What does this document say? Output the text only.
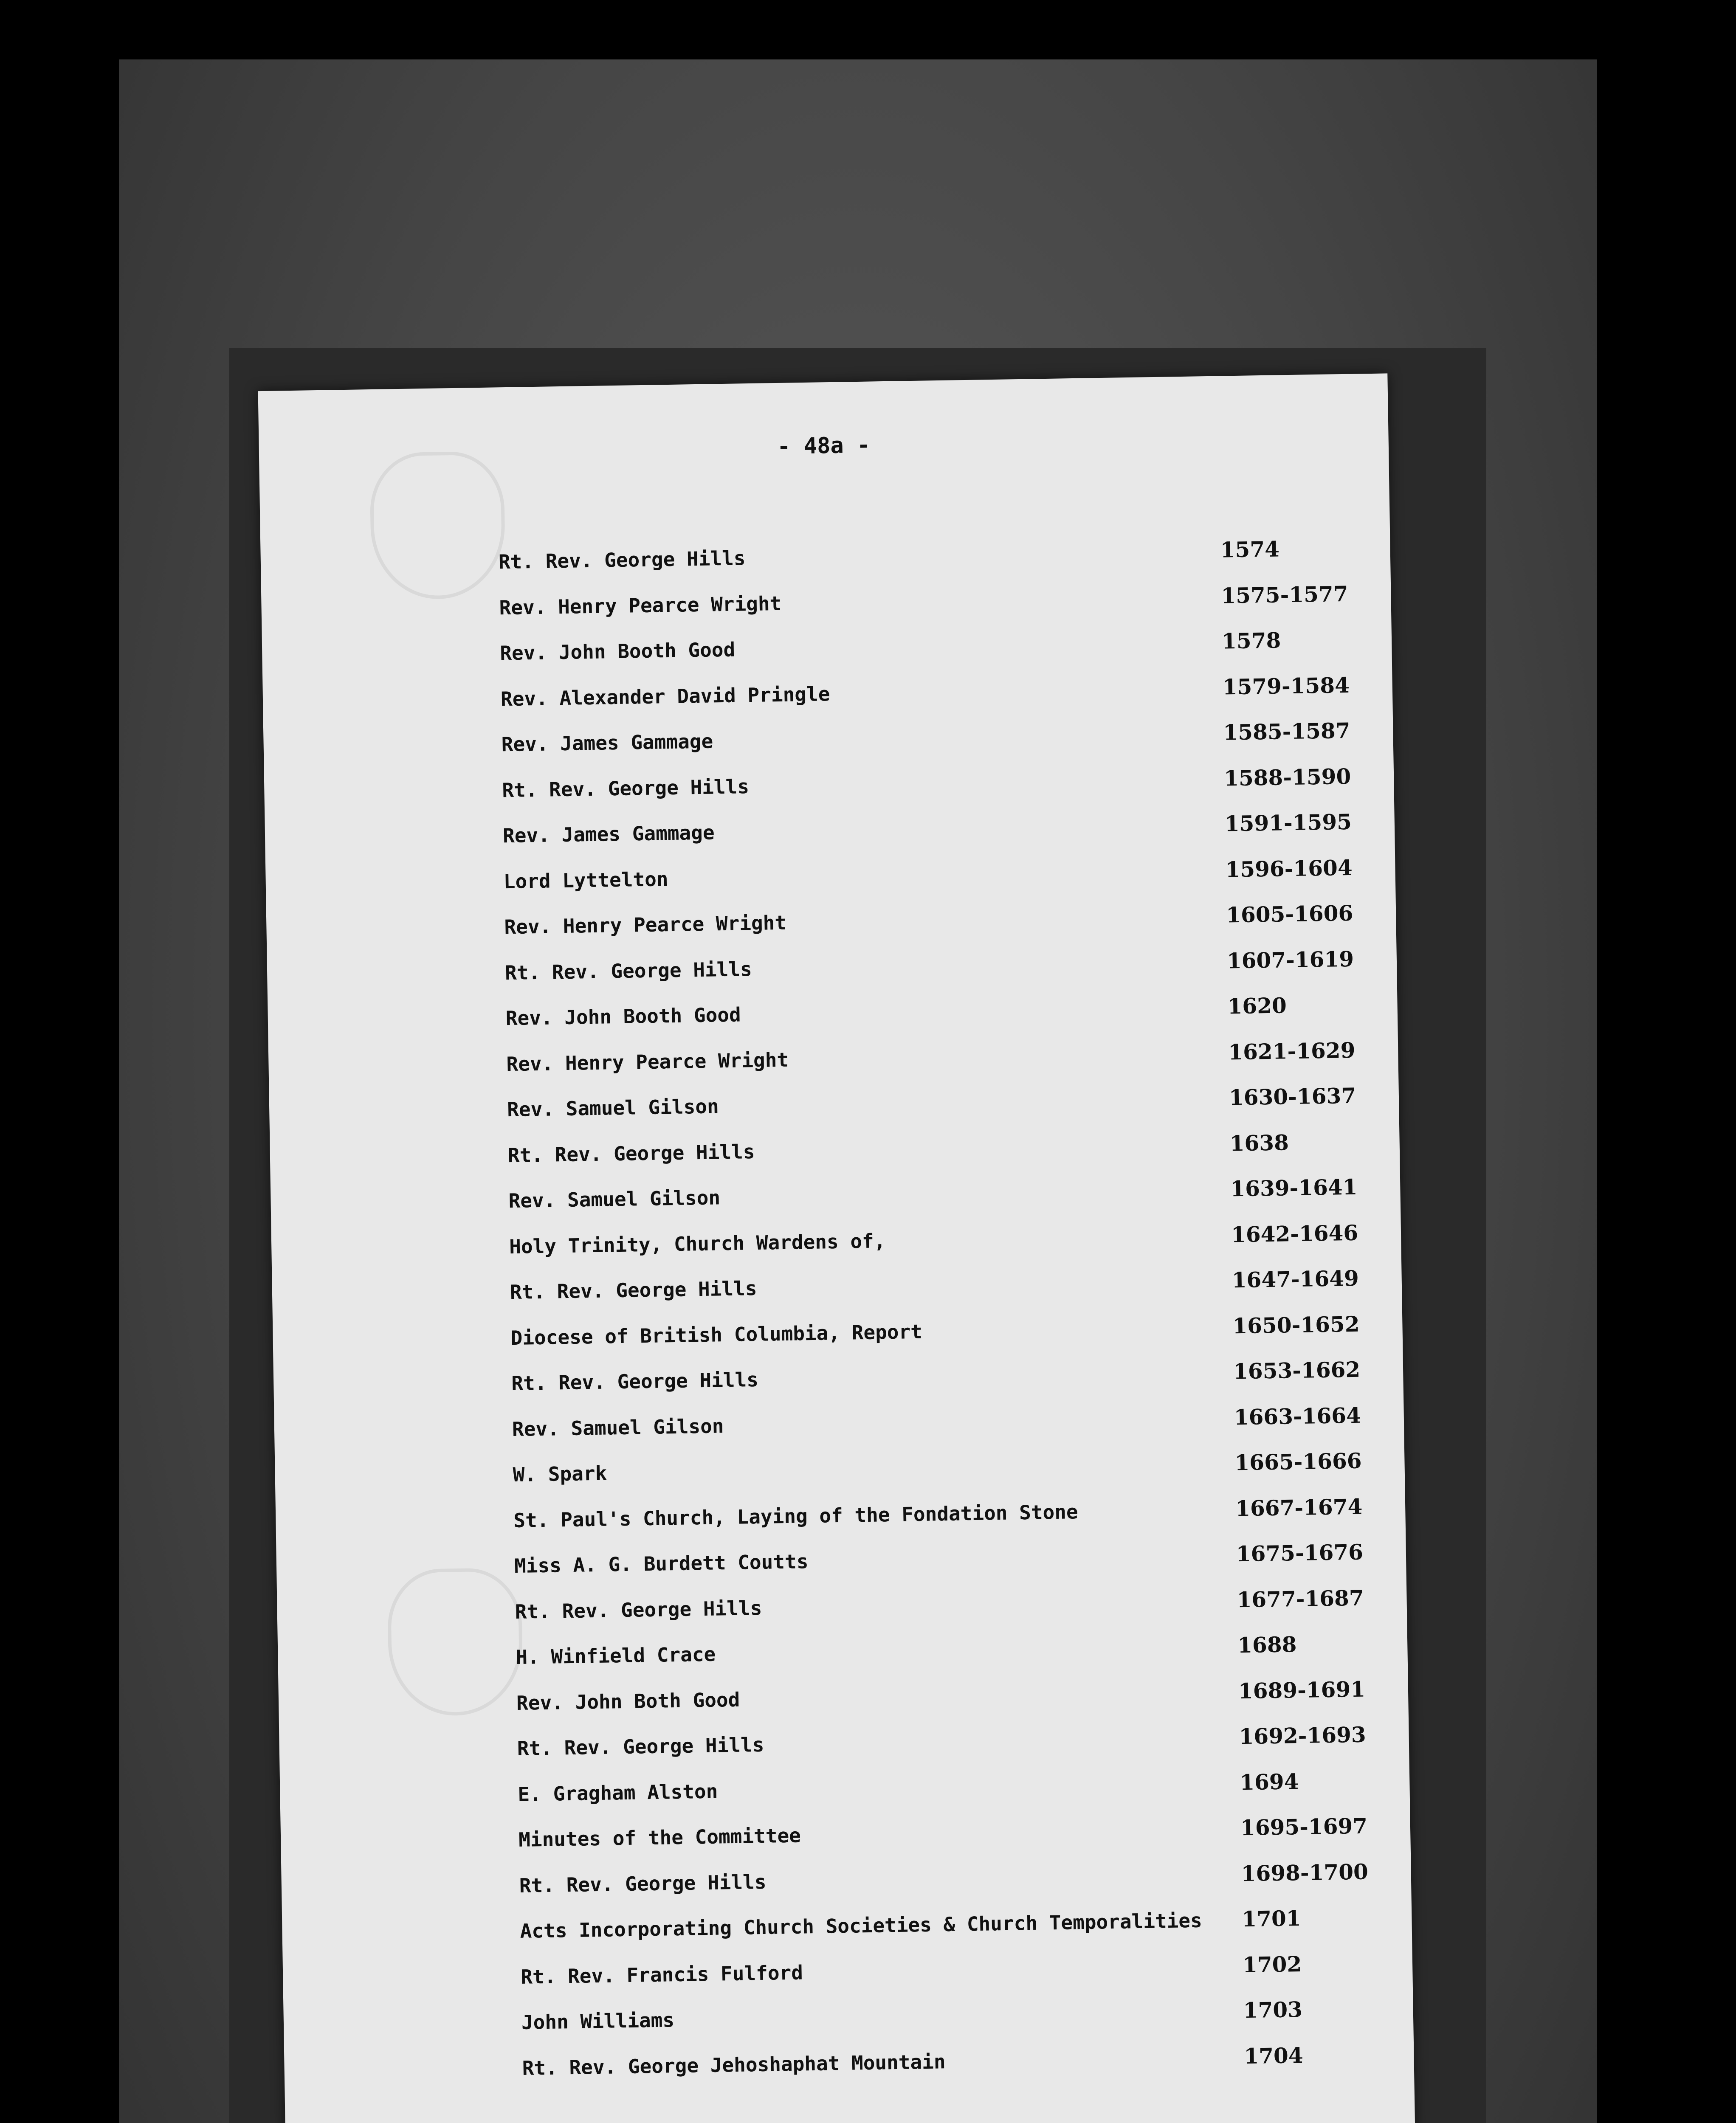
- 48a -
Rt. Rev. George Hills	1574
Rev. Henry Pearce Wright	1575-1577
Rev. John Booth Good	1578
Rev. Alexander David Pringle	1579-1584
Rev. James Gammage	1585-1587
Rt. Rev. George Hills	1588-1590
Rev. James Gammage	1591-1595
Lord Lyttelton	1596-1604
Rev. Henry Pearce Wright	1605-1606
Rt. Rev. George Hills	1607-1619
Rev. John Booth Good	1620
Rev. Henry Pearce Wright	1621-1629
Rev. Samuel Gilson	1630-1637
Rt. Rev. George Hills	1638
Rev. Samuel Gilson	1639-1641
Holy Trinity, Church Wardens of,	1642-1646
Rt. Rev. George Hills	1647-1649
Diocese of British Columbia, Report	1650-1652
Rt. Rev. George Hills	1653-1662
Rev. Samuel Gilson	1663-1664
W. Spark	1665-1666
St. Paul's Church, Laying of the Fondation Stone	1667-1674
Miss A. G. Burdett Coutts	1675-1676
Rt. Rev. George Hills	1677-1687
H. Winfield Crace	1688
Rev. John Both Good	1689-1691
Rt. Rev. George Hills	1692-1693
E. Gragham Alston	1694
Minutes of the Committee	1695-1697
Rt. Rev. George Hills	1698-1700
Acts Incorporating Church Societies & Church Temporalities 1701
Rt. Rev. Francis Fulford	1702
John Williams	1703
Rt. Rev. George Jehoshaphat Mountain	1704
